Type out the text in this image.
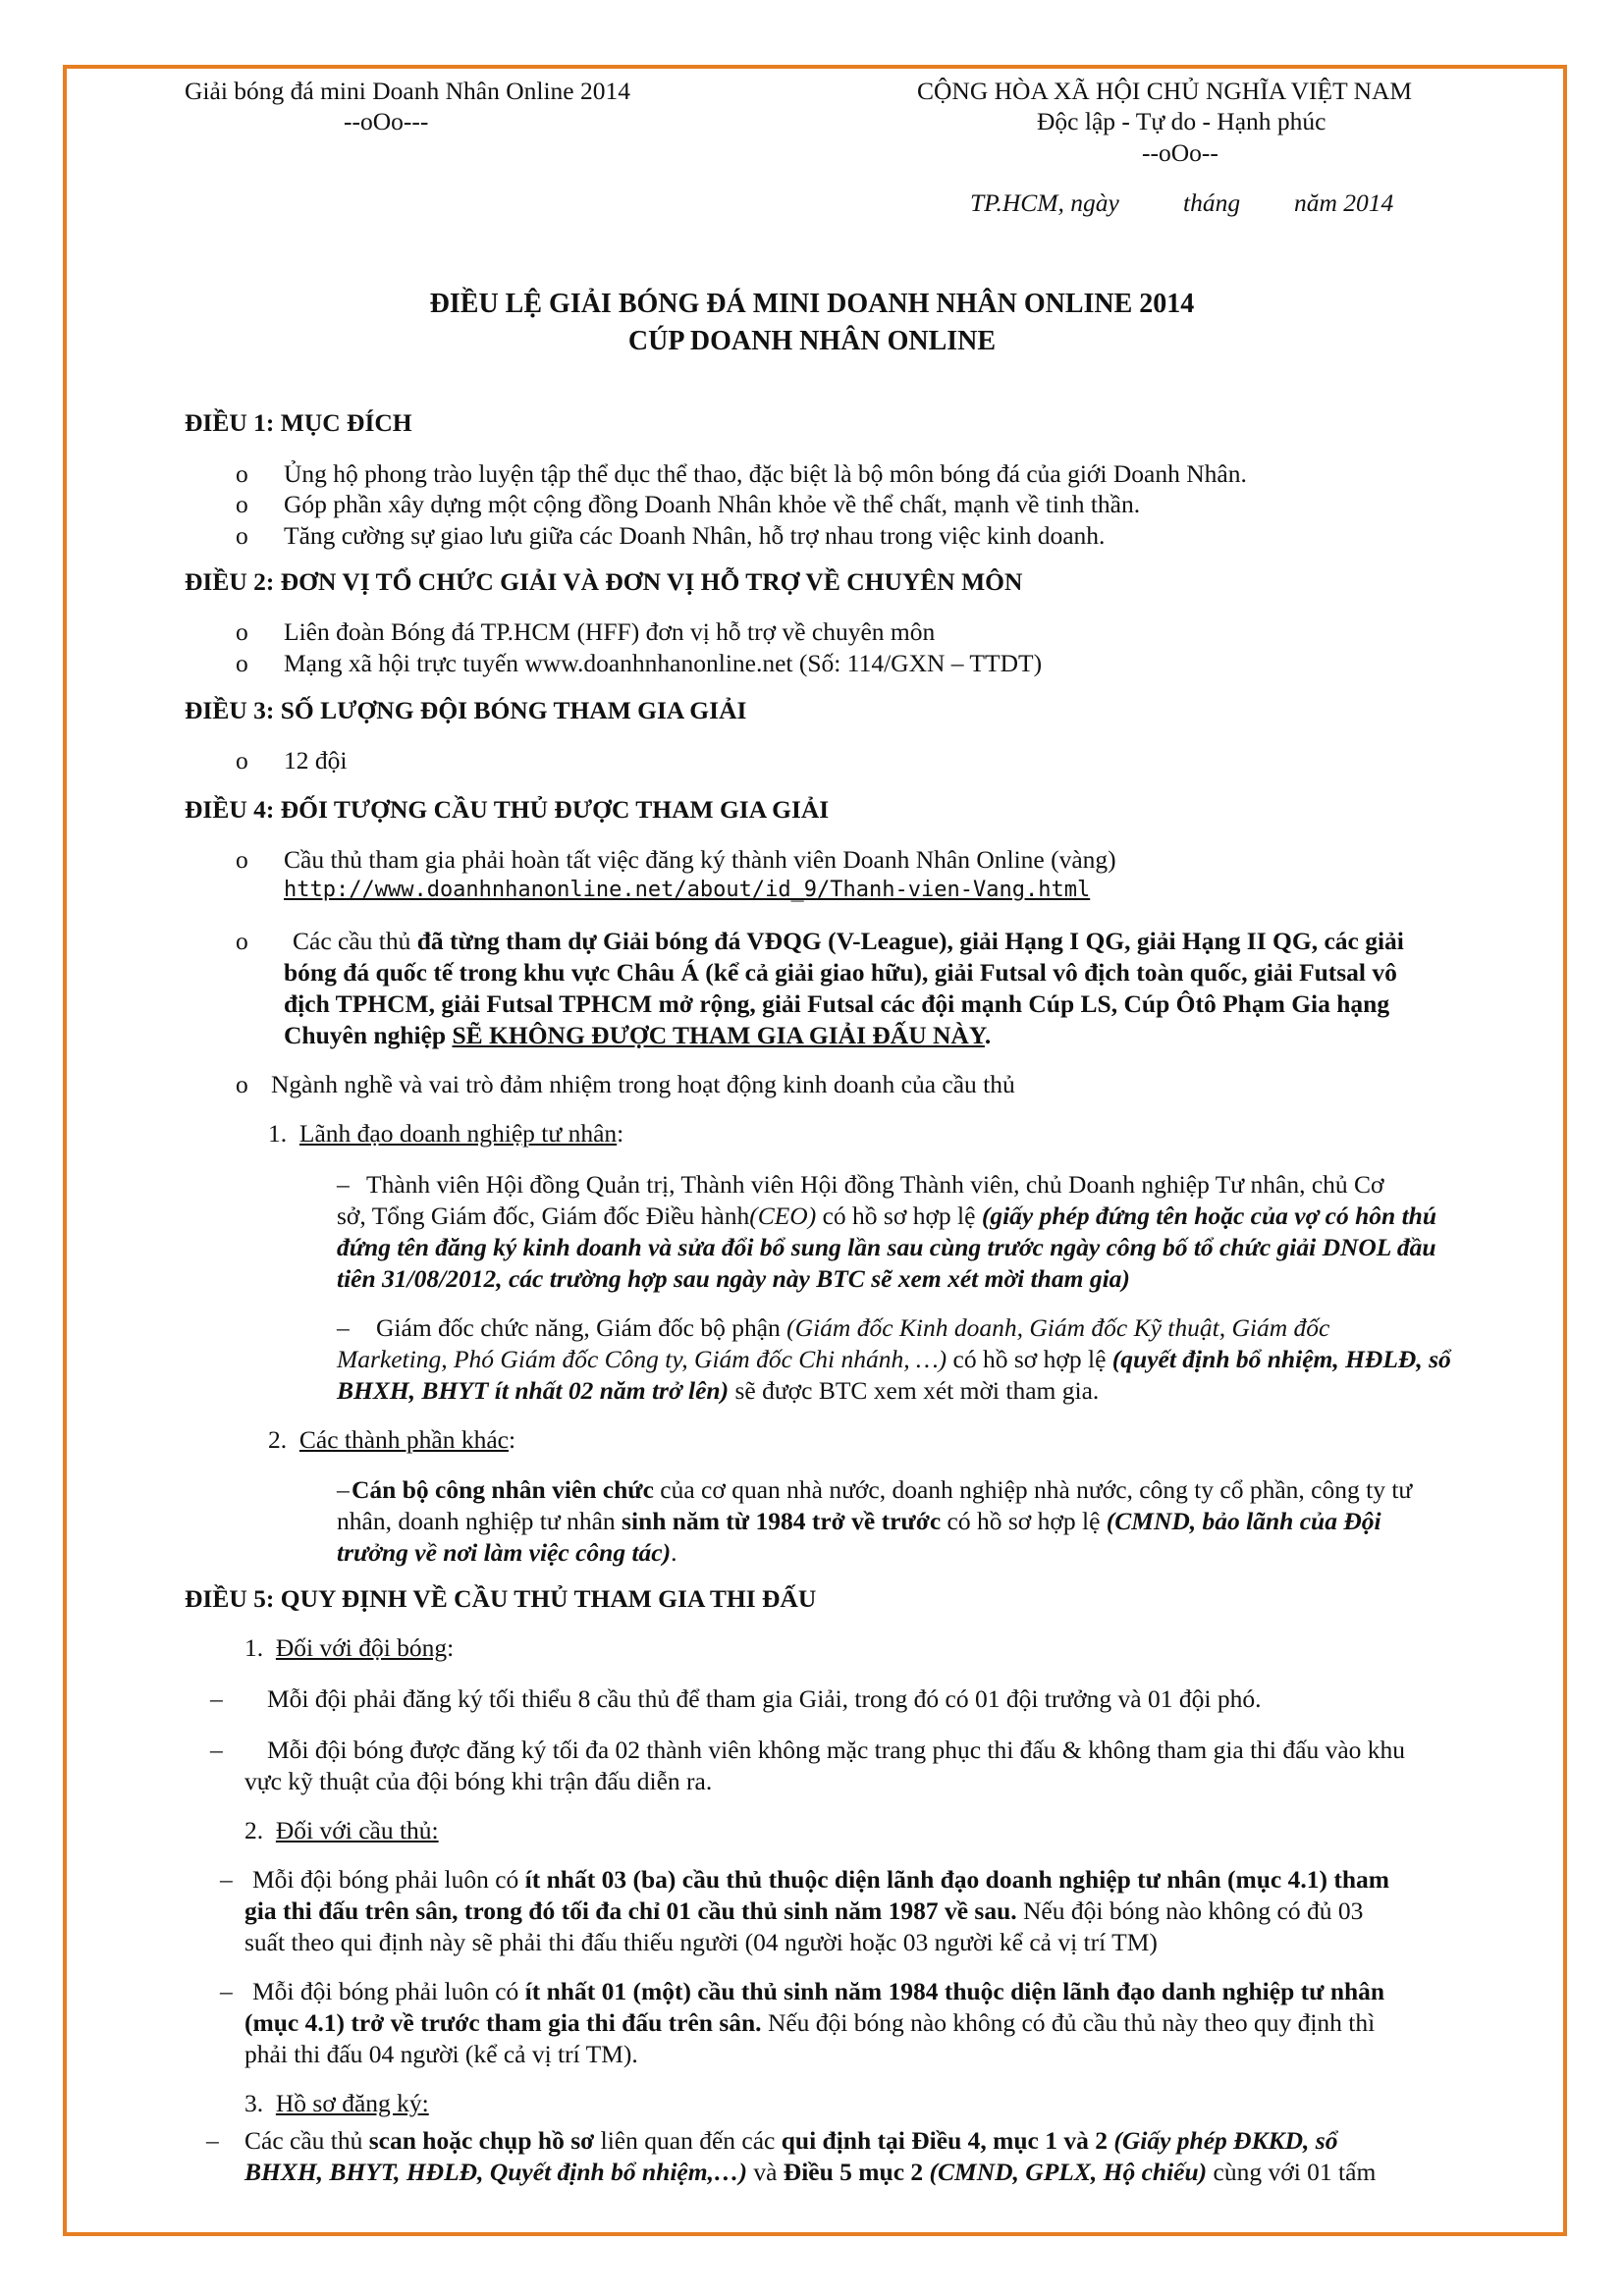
Giải bóng đá mini Doanh Nhân Online 2014
--oOo---
CỘNG HÒA XÃ HỘI CHỦ NGHĨA VIỆT NAM
Độc lập - Tự do - Hạnh phúc
--oOo--
TP.HCM, ngày	tháng năm 2014
ĐIỀU LỆ GIẢI BÓNG ĐÁ MINI DOANH NHÂN ONLINE 2014
CÚP DOANH NHÂN ONLINE
ĐIỀU 1: MỤC ĐÍCH
o Ủng hộ phong trào luyện tập thể dục thể thao, đặc biệt là bộ môn bóng đá của giới Doanh Nhân.
o Góp phần xây dựng một cộng đồng Doanh Nhân khỏe về thể chất, mạnh về tinh thần.
o Tăng cường sự giao lưu giữa các Doanh Nhân, hỗ trợ nhau trong việc kinh doanh.
ĐIỀU 2: ĐƠN VỊ TỔ CHỨC GIẢI VÀ ĐƠN VỊ HỖ TRỢ VỀ CHUYÊN MÔN
o Liên đoàn Bóng đá TP.HCM (HFF) đơn vị hỗ trợ về chuyên môn
o Mạng xã hội trực tuyến www.doanhnhanonline.net (Số: 114/GXN – TTDT)
ĐIỀU 3: SỐ LƯỢNG ĐỘI BÓNG THAM GIA GIẢI
o 12 đội
ĐIỀU 4: ĐỐI TƯỢNG CẦU THỦ ĐƯỢC THAM GIA GIẢI
o Cầu thủ tham gia phải hoàn tất việc đăng ký thành viên Doanh Nhân Online (vàng)
http://www.doanhnhanonline.net/about/id_9/Thanh-vien-Vang.html
o Các cầu thủ đã từng tham dự Giải bóng đá VĐQG (V-League), giải Hạng I QG, giải Hạng II QG, các giải
bóng đá quốc tế trong khu vực Châu Á (kể cả giải giao hữu), giải Futsal vô địch toàn quốc, giải Futsal vô
địch TPHCM, giải Futsal TPHCM mở rộng, giải Futsal các đội mạnh Cúp LS, Cúp Ôtô Phạm Gia hạng
Chuyên nghiệp SẼ KHÔNG ĐƯỢC THAM GIA GIẢI ĐẤU NÀY.
o Ngành nghề và vai trò đảm nhiệm trong hoạt động kinh doanh của cầu thủ
1. Lãnh đạo doanh nghiệp tư nhân:
– Thành viên Hội đồng Quản trị, Thành viên Hội đồng Thành viên, chủ Doanh nghiệp Tư nhân, chủ Cơ
sở, Tổng Giám đốc, Giám đốc Điều hành(CEO) có hồ sơ hợp lệ (giấy phép đứng tên hoặc của vợ có hôn thú
đứng tên đăng ký kinh doanh và sửa đổi bổ sung lần sau cùng trước ngày công bố tổ chức giải DNOL đầu
tiên 31/08/2012, các trường hợp sau ngày này BTC sẽ xem xét mời tham gia)
– Giám đốc chức năng, Giám đốc bộ phận (Giám đốc Kinh doanh, Giám đốc Kỹ thuật, Giám đốc
Marketing, Phó Giám đốc Công ty, Giám đốc Chi nhánh, …) có hồ sơ hợp lệ (quyết định bổ nhiệm, HĐLĐ, sổ
BHXH, BHYT ít nhất 02 năm trở lên) sẽ được BTC xem xét mời tham gia.
2. Các thành phần khác:
– Cán bộ công nhân viên chức của cơ quan nhà nước, doanh nghiệp nhà nước, công ty cổ phần, công ty tư
nhân, doanh nghiệp tư nhân sinh năm từ 1984 trở về trước có hồ sơ hợp lệ (CMND, bảo lãnh của Đội
trưởng về nơi làm việc công tác).
ĐIỀU 5: QUY ĐỊNH VỀ CẦU THỦ THAM GIA THI ĐẤU
1. Đối với đội bóng:
– Mỗi đội phải đăng ký tối thiểu 8 cầu thủ để tham gia Giải, trong đó có 01 đội trưởng và 01 đội phó.
– Mỗi đội bóng được đăng ký tối đa 02 thành viên không mặc trang phục thi đấu & không tham gia thi đấu vào khu
vực kỹ thuật của đội bóng khi trận đấu diễn ra.
2. Đối với cầu thủ:
– Mỗi đội bóng phải luôn có ít nhất 03 (ba) cầu thủ thuộc diện lãnh đạo doanh nghiệp tư nhân (mục 4.1) tham
gia thi đấu trên sân, trong đó tối đa chỉ 01 cầu thủ sinh năm 1987 về sau. Nếu đội bóng nào không có đủ 03
suất theo qui định này sẽ phải thi đấu thiếu người (04 người hoặc 03 người kể cả vị trí TM)
– Mỗi đội bóng phải luôn có ít nhất 01 (một) cầu thủ sinh năm 1984 thuộc diện lãnh đạo danh nghiệp tư nhân
(mục 4.1) trở về trước tham gia thi đấu trên sân. Nếu đội bóng nào không có đủ cầu thủ này theo quy định thì
phải thi đấu 04 người (kể cả vị trí TM).
3. Hồ sơ đăng ký:
– Các cầu thủ scan hoặc chụp hồ sơ liên quan đến các qui định tại Điều 4, mục 1 và 2 (Giấy phép ĐKKD, sổ
BHXH, BHYT, HĐLĐ, Quyết định bổ nhiệm,…) và Điều 5 mục 2 (CMND, GPLX, Hộ chiếu) cùng với 01 tấm
